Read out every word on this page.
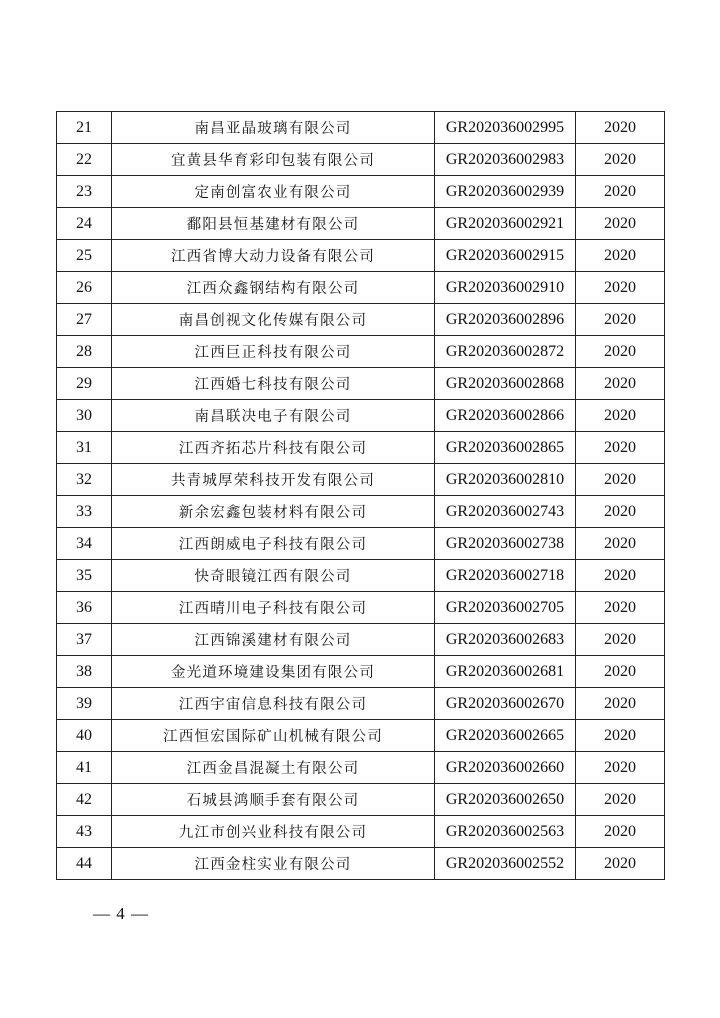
21	南昌亚晶玻璃有限公司	GR202036002995	2020
22	宜黄县华育彩印包装有限公司	GR202036002983	2020
23	定南创富农业有限公司	GR202036002939	2020
24	鄱阳县恒基建材有限公司	GR202036002921	2020
25	江西省博大动力设备有限公司	GR202036002915	2020
26	江西众鑫钢结构有限公司	GR202036002910	2020
27	南昌创视文化传媒有限公司	GR202036002896	2020
28	江西巨正科技有限公司	GR202036002872	2020
29	江西婚七科技有限公司	GR202036002868	2020
30	南昌联决电子有限公司	GR202036002866	2020
31	江西齐拓芯片科技有限公司	GR202036002865	2020
32	共青城厚荣科技开发有限公司	GR202036002810	2020
33	新余宏鑫包装材料有限公司	GR202036002743	2020
34	江西朗威电子科技有限公司	GR202036002738	2020
35	快奇眼镜江西有限公司	GR202036002718	2020
36	江西晴川电子科技有限公司	GR202036002705	2020
37	江西锦溪建材有限公司	GR202036002683	2020
38	金光道环境建设集团有限公司	GR202036002681	2020
39	江西宇宙信息科技有限公司	GR202036002670	2020
40	江西恒宏国际矿山机械有限公司	GR202036002665	2020
41	江西金昌混凝土有限公司	GR202036002660	2020
42	石城县鸿顺手套有限公司	GR202036002650	2020
43	九江市创兴业科技有限公司	GR202036002563	2020
44	江西金柱实业有限公司	GR202036002552	2020
— 4 —
